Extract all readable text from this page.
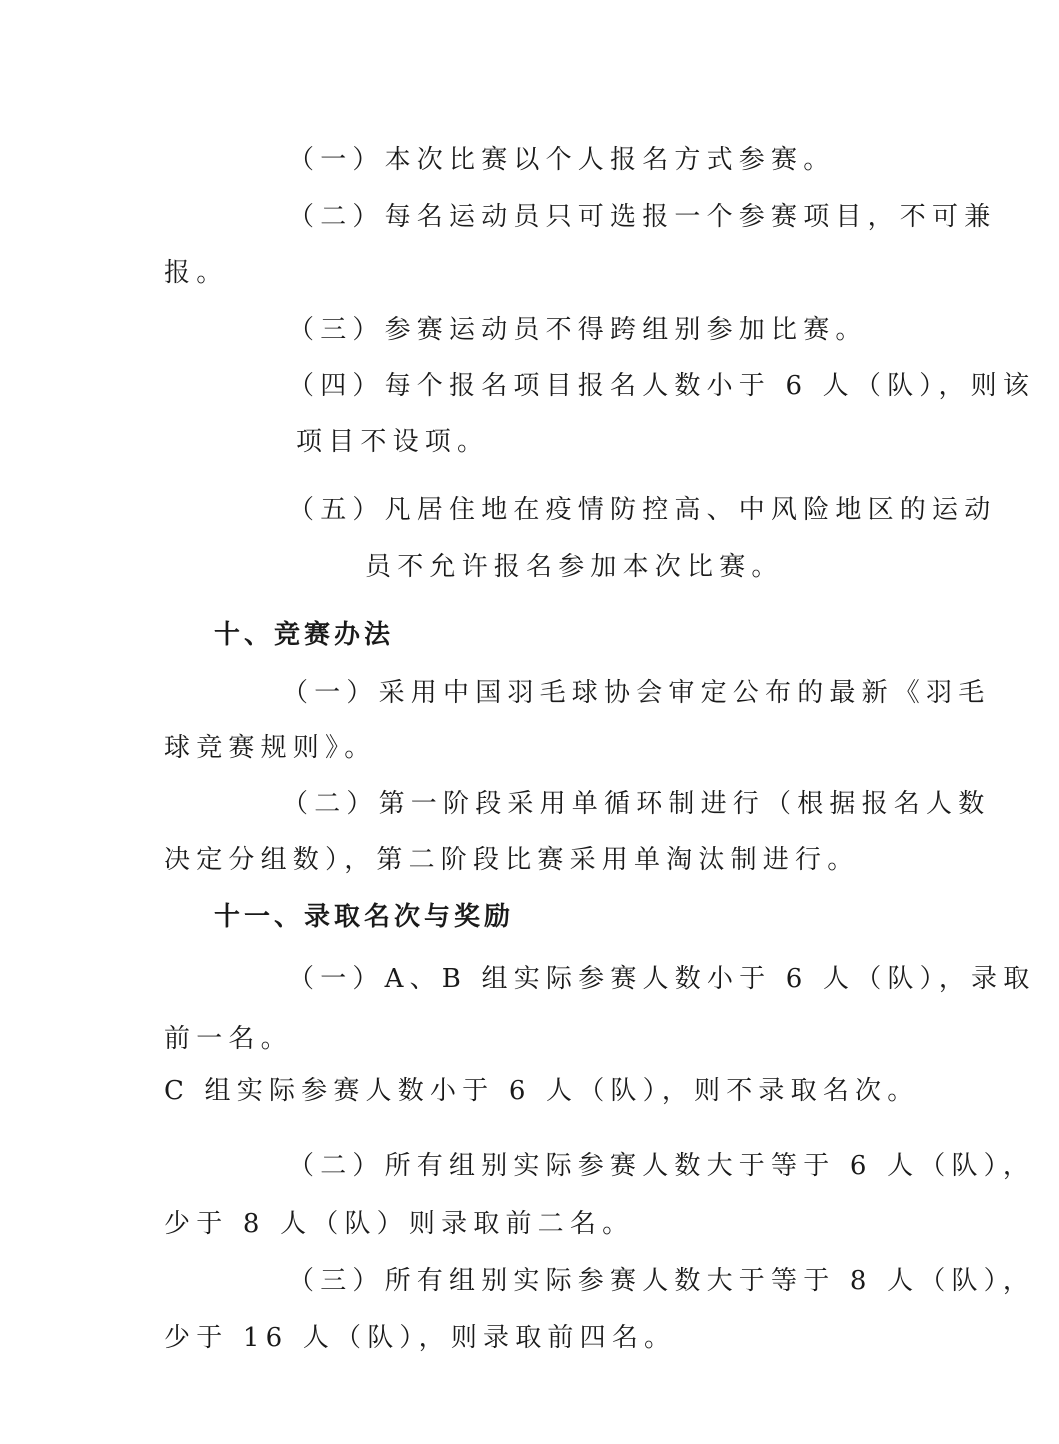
（一）本次比赛以个人报名方式参赛。
（二）每名运动员只可选报一个参赛项目，不可兼
报。
（三）参赛运动员不得跨组别参加比赛。
（四）每个报名项目报名人数小于 6 人（队），则该
项目不设项。
（五）凡居住地在疫情防控高、中风险地区的运动
员不允许报名参加本次比赛。
十、竞赛办法
（一）采用中国羽毛球协会审定公布的最新《羽毛
球竞赛规则》。
（二）第一阶段采用单循环制进行（根据报名人数
决定分组数），第二阶段比赛采用单淘汰制进行。
十一、录取名次与奖励
（一）A、B 组实际参赛人数小于 6 人（队），录取
前一名。
C 组实际参赛人数小于 6 人（队），则不录取名次。
（二）所有组别实际参赛人数大于等于 6 人（队），
少于 8 人（队）则录取前二名。
（三）所有组别实际参赛人数大于等于 8 人（队），
少于 16 人（队），则录取前四名。
